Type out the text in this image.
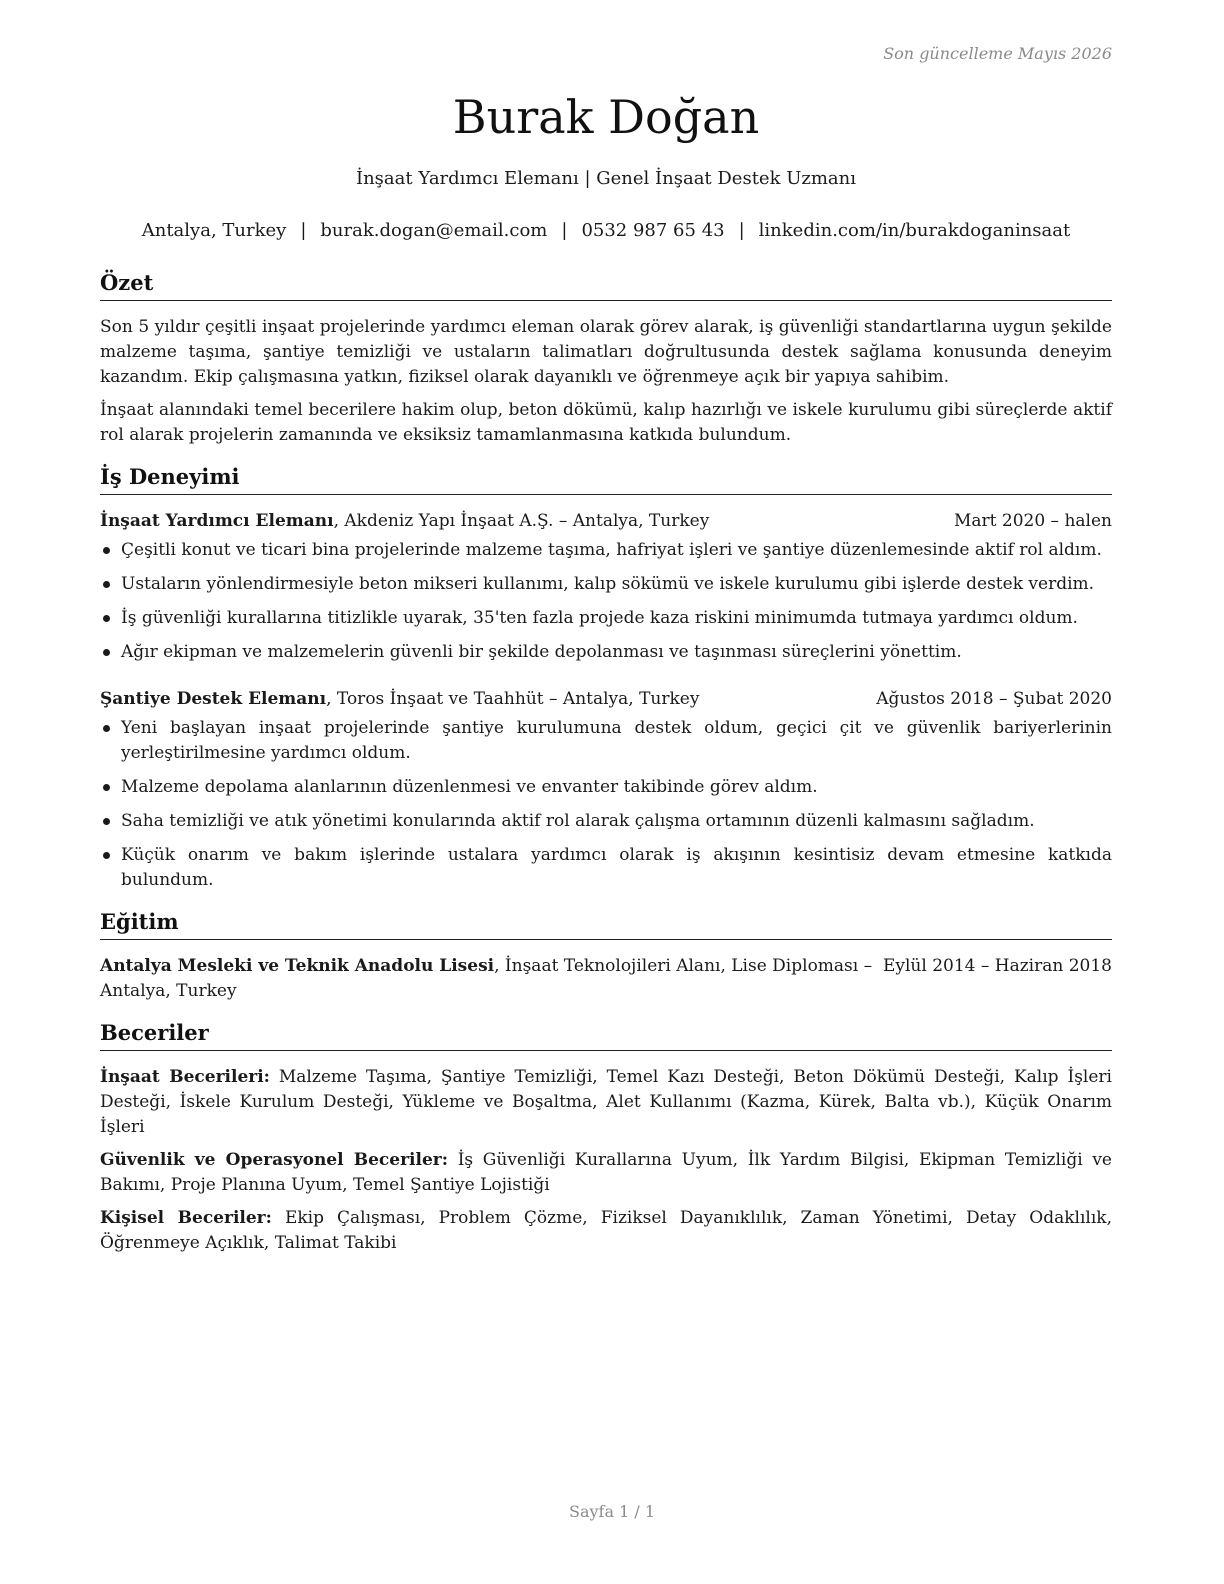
Son güncelleme Mayıs 2026
Burak Doğan
İnşaat Yardımcı Elemanı | Genel İnşaat Destek Uzmanı
Antalya, Turkey | burak.dogan@email.com | 0532 987 65 43 | linkedin.com/in/burakdoganinsaat
Özet

Son 5 yıldır çeşitli inşaat projelerinde yardımcı eleman olarak görev alarak, iş güvenliği standartlarına uygun şekilde malzeme taşıma, şantiye temizliği ve ustaların talimatları doğrultusunda destek sağlama konusunda deneyim kazandım. Ekip çalışmasına yatkın, fiziksel olarak dayanıklı ve öğrenmeye açık bir yapıya sahibim.

İnşaat alanındaki temel becerilere hakim olup, beton dökümü, kalıp hazırlığı ve iskele kurulumu gibi süreçlerde aktif rol alarak projelerin zamanında ve eksiksiz tamamlanmasına katkıda bulundum.

İş Deneyimi
İnşaat Yardımcı Elemanı, Akdeniz Yapı İnşaat A.Ş. – Antalya, Turkey	Mart 2020 – halen
Çeşitli konut ve ticari bina projelerinde malzeme taşıma, hafriyat işleri ve şantiye düzenlemesinde aktif rol aldım.
Ustaların yönlendirmesiyle beton mikseri kullanımı, kalıp sökümü ve iskele kurulumu gibi işlerde destek verdim.
İş güvenliği kurallarına titizlikle uyarak, 35'ten fazla projede kaza riskini minimumda tutmaya yardımcı oldum.
Ağır ekipman ve malzemelerin güvenli bir şekilde depolanması ve taşınması süreçlerini yönettim.
Şantiye Destek Elemanı, Toros İnşaat ve Taahhüt – Antalya, Turkey	Ağustos 2018 – Şubat 2020
Yeni başlayan inşaat projelerinde şantiye kurulumuna destek oldum, geçici çit ve güvenlik bariyerlerinin yerleştirilmesine yardımcı oldum.
Malzeme depolama alanlarının düzenlenmesi ve envanter takibinde görev aldım.
Saha temizliği ve atık yönetimi konularında aktif rol alarak çalışma ortamının düzenli kalmasını sağladım.
Küçük onarım ve bakım işlerinde ustalara yardımcı olarak iş akışının kesintisiz devam etmesine katkıda bulundum.
Eğitim
Antalya Mesleki ve Teknik Anadolu Lisesi, İnşaat Teknolojileri Alanı, Lise Diploması – Eylül 2014 – Haziran 2018
Antalya, Turkey
Beceriler

İnşaat Becerileri: Malzeme Taşıma, Şantiye Temizliği, Temel Kazı Desteği, Beton Dökümü Desteği, Kalıp İşleri Desteği, İskele Kurulum Desteği, Yükleme ve Boşaltma, Alet Kullanımı (Kazma, Kürek, Balta vb.), Küçük Onarım İşleri

Güvenlik ve Operasyonel Beceriler: İş Güvenliği Kurallarına Uyum, İlk Yardım Bilgisi, Ekipman Temizliği ve Bakımı, Proje Planına Uyum, Temel Şantiye Lojistiği

Kişisel Beceriler: Ekip Çalışması, Problem Çözme, Fiziksel Dayanıklılık, Zaman Yönetimi, Detay Odaklılık, Öğrenmeye Açıklık, Talimat Takibi

Sayfa 1 / 1
